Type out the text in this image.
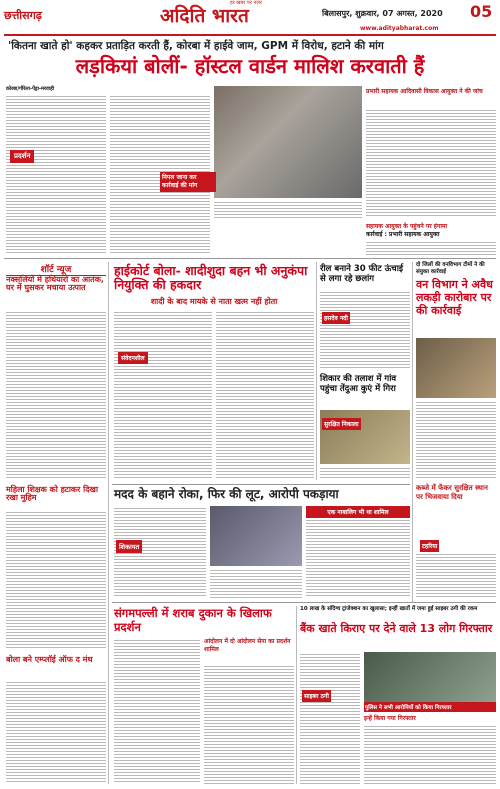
छत्तीसगढ़	अदिति भारत
हर खबर पर नज़र
बिलासपुर, शुक्रवार, 07 अगस्त, 2020 05
www.adityabharat.com
'कितना खाते हो' कहकर प्रताड़ित करती हैं, कोरबा में हाईवे जाम, GPM में विरोध, हटाने की मांग
लड़कियां बोलीं- हॉस्टल वार्डन मालिश करवाती हैं
कोरबा/गौरेला-पेंड्रा-मरवाही
प्रदर्शन
निपल जाना कर कार्रवाई की मांग
प्रभारी सहायक आदिवासी विकास आयुक्त ने की जांच
सहायक आयुक्त के पहुंचने पर हंगामा
कार्रवाई : प्रभारी सहायक आयुक्त
शॉर्ट न्यूज
नक्सलियों में हथियारों का आतंक, घर में घुसकर मचाया उत्पात
महिला शिक्षक को हटाकर दिखा रखा मुहिम
बोला बने एम्प्लॉई ऑफ द मंथ
हाईकोर्ट बोला- शादीशुदा बहन भी अनुकंपा नियुक्ति की हकदार
शादी के बाद मायके से नाता खत्म नहीं होता
संवेदनशील
रील बनाने 30 फीट ऊंचाई से लगा रहे छलांग
हसदेव नदी
शिकार की तलाश में गांव पहुंचा तेंदुआ कुएं में गिरा
सुरक्षित निकाला
दो जिलों की वनविभाग टीमों ने की संयुक्त कार्रवाई
वन विभाग ने अवैध लकड़ी कारोबार पर की कार्रवाई
कब्जे में फेंकर सुरक्षित स्थान पर भिजवाया दिया
टहरिया
मदद के बहाने रोका, फिर की लूट, आरोपी पकड़ाया
शिकायत
एक नाबालिग भी था शामिल
संगमपल्ली में शराब दुकान के खिलाफ प्रदर्शन
आंदोलन में दो आंदोलन सेना का प्रदर्शन शामिल
10 लाख के संदिग्ध ट्रांजेक्शन का खुलासा; इन्हीं खातों में जमा हुई साइबर ठगी की रकम
बैंक खाते किराए पर देने वाले 13 लोग गिरफ्तार
साइबर ठगी
पुलिस ने सभी आरोपियों को किया गिरफ्तार
इन्हें किया गया गिरफ्तार
